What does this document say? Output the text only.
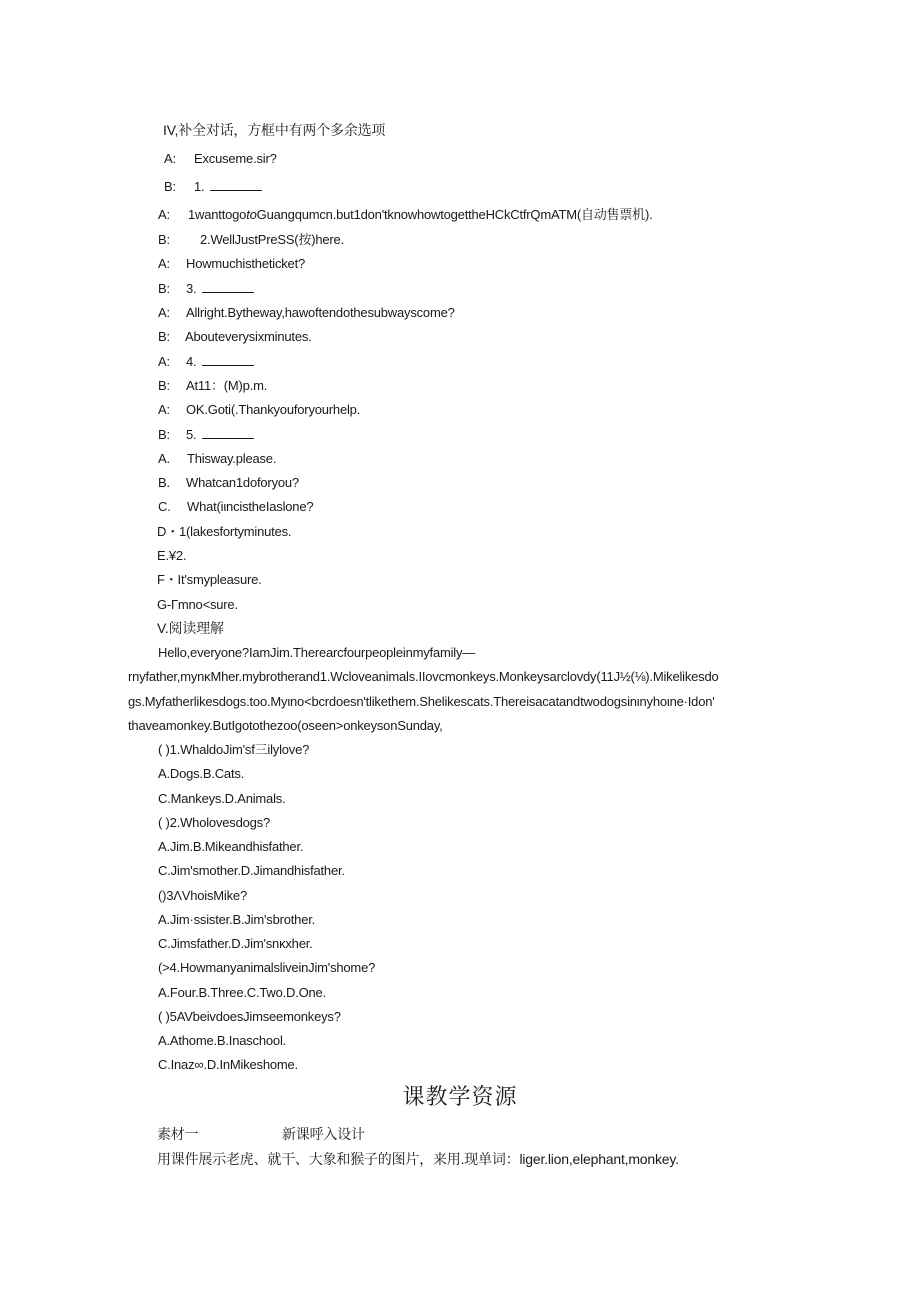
IV,补全对话，方框中有两个多余选项
A: Excuseme.sir?
B: 1.
A: 1wanttogotoGuangqumcn.but1don'tknowhowtogettheHCkCtfrQmATM(自动售票机).
B: 2.WellJustPreSS(按)here.
A: Howmuchistheticket?
B: 3.
A: Allright.Bytheway,hawoftendothesubwayscome?
B: Abouteverysixminutes.
A: 4.
B: At11：(M)p.m.
A: OK.Goti(.Thankyouforyourhelp.
B: 5.
A. Thisway.please.
B. Whatcan1doforyou?
C. What(iιncistheIaslone?
D・1(lakesfortyminutes.
E.¥2.
F・It'smypleasure.
G-Гmno<sure.
V.阅读理解
Hello,everyone?IamJim.Therearcfourpeopleinmyfamily—
rnyfather,mynκMher.mybrotherand1.Wcloveanimals.IIovcmonkeys.Monkeysarclovdy(11J½(⅛).Mikelikesdo
gs.Myfatherlikesdogs.too.Myιno<bcrdoesn'tlikethem.Shelikescats.Thereisacatandtwodogsinιnyhoιne·Idon'
thaveamonkey.ButIgotothezoo(oseen>onkeysonSunday,
( )1.WhaldoJim'sf三ilylove?
A.Dogs.B.Cats.
C.Mankeys.D.Animals.
( )2.Wholovesdogs?
A.Jim.B.Mikeandhisfather.
C.Jim'smother.D.Jimandhisfather.
()3ΛVhoisMike?
A.Jim·ssister.B.Jim'sbrother.
C.Jimsfather.D.Jim'snκxher.
(>4.HowmanyanimalsliveinJim'shome?
A.Four.B.Three.C.Two.D.One.
( )5AVbeivdoesJimseemonkeys?
A.Athome.B.Inaschool.
C.Inaz∞.D.InMikeshome.
课教学资源
素材一	新课呼入设计
用课件展示老虎、就干、大象和猴子的图片，来用.现单词：liger.lion,elephant,monkey.
